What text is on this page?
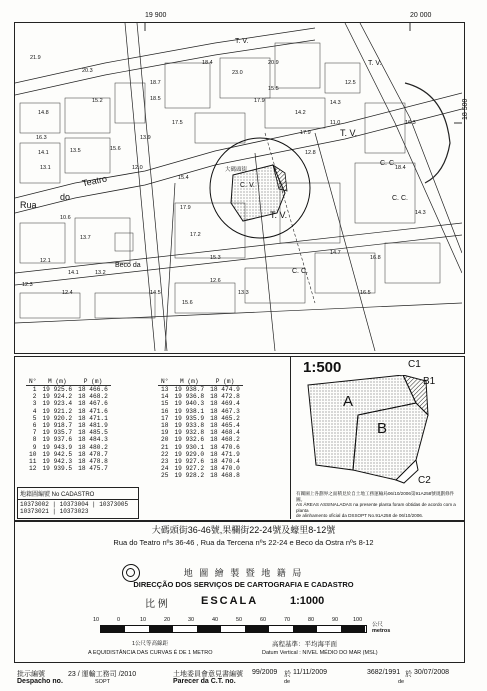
19 900	20 000
18 500
Rua
do
Teatro
Beco da
T. V.
T. V.
T. V.
T. V.
C. C.
C. C.
C. C.
C. V.
大碼頭街
21.9
14.8
15.2	18.5
16.3
14.1
13.1
15.6
13.9
17.5
18.4
23.0
17.9
15.5
14.2
12.8
20.9
17.9
15.4
17.9
10.6
13.7
12.1
14.1	13.2
12.3
12.4	14.5
15.6
12.6
13.3
15.3
14.7
16.5
18.4
11.0	16.3
12.5
14.3
14.3
12.0
18.7
13.5
20.3
17.2
16.8
N°	M (m)	P (m)
1	19 925.6	18 466.6
2	19 924.2	18 468.2
3	19 923.4	18 467.6
4	19 921.2	18 471.6
5	19 920.2	18 471.1
6	19 918.7	18 481.9
7	19 935.7	18 485.5
8	19 937.6	18 484.3
9	19 943.9	18 480.2
10	19 942.5	18 478.7
11	19 942.3	18 478.8
12	19 939.5	18 475.7
N°	M (m)	P (m)
13	19 938.7	18 474.9
14	19 936.8	18 472.8
15	19 940.3	18 469.4
16	19 938.1	18 467.3
17	19 935.9	18 465.2
18	19 933.8	18 465.4
19	19 932.8	18 468.4
20	19 932.6	18 468.2
21	19 930.1	18 470.6
22	19 929.0	18 471.9
23	19 927.6	18 470.4
24	19 927.2	18 470.0
25	19 928.2	18 468.8
地籍圖編號 No CADASTRO
10373002 | 10373004 | 10373005
10373021 | 10373023
1:500
A
B
B1
C1
C2
有關圖上各劃界之面積見於自土地工務運輸局06/10/2006第91A258號規劃條件圖。
AS ÁREAS ASSINALADAS na presente planta foram obtidas de acordo com a planta
de alinhamento oficial da DSSOPT No.91A258 de 06/10/2006.
大碼頭街36-46號,果欄街22-24號及蠔里8-12號
Rua do Teatro nºs 36-46 , Rua da Tercena nºs 22-24 e Beco da Ostra nºs 8-12
地 圖 繪 製 暨 地 籍 局
DIRECÇÃO DOS SERVIÇOS DE CARTOGRAFIA E CADASTRO
比 例	ESCALA	1:1000
10	0	10	20	30	40	50	60	70	80	90	100
公尺
metros
1公尺等高線距
A EQUIDISTÂNCIA DAS CURVAS É DE 1 METRO
高程基準：平均海平面
Datum Vertical : NIVEL MÉDIO DO MAR (MSL)
批示編號
Despacho no.
23 / 運輸工務司 /2010
SOPT
土地委員會意見書編號
Parecer da C.T. no.
99/2009 於 11/11/2009
de
3682/1991 於 30/07/2008
de
